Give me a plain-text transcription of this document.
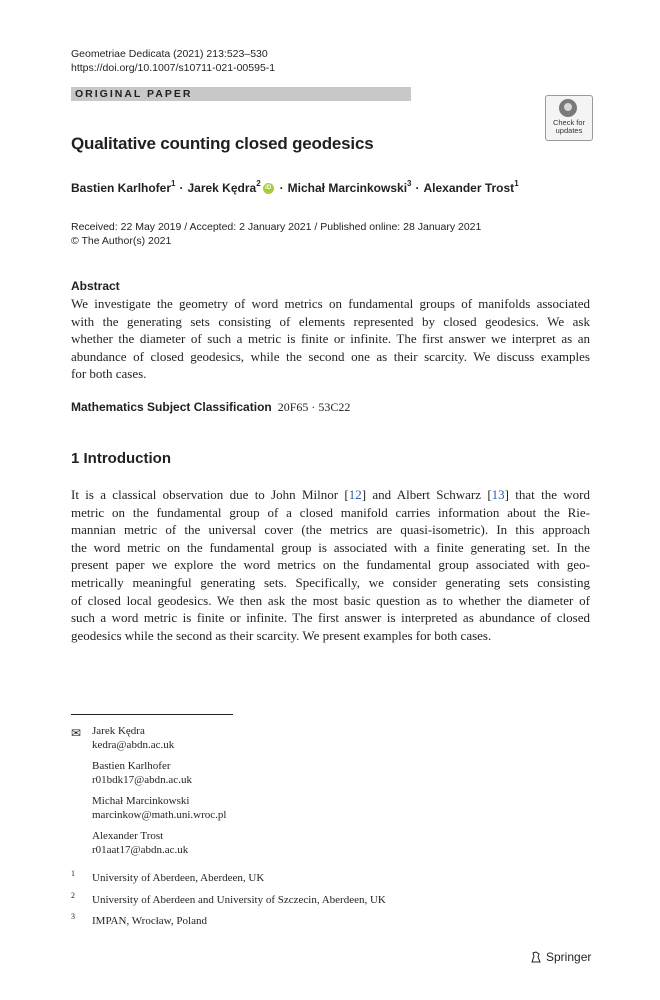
Geometriae Dedicata (2021) 213:523–530
https://doi.org/10.1007/s10711-021-00595-1
ORIGINAL PAPER
Check for
updates
Qualitative counting closed geodesics
Bastien Karlhofer$^1$ · Jarek Kędra$^2$ iD · Michał Marcinkowski$^3$ · Alexander Trost$^1$
Received: 22 May 2019 / Accepted: 2 January 2021 / Published online: 28 January 2021
© The Author(s) 2021
Abstract
We investigate the geometry of word metrics on fundamental groups of manifolds associated
with the generating sets consisting of elements represented by closed geodesics. We ask
whether the diameter of such a metric is finite or infinite. The first answer we interpret as an
abundance of closed geodesics, while the second one as their scarcity. We discuss examples
for both cases.
Mathematics Subject Classification 20F65 · 53C22
1 Introduction
It is a classical observation due to John Milnor [12] and Albert Schwarz [13] that the word
metric on the fundamental group of a closed manifold carries information about the Rie-
mannian metric of the universal cover (the metrics are quasi-isometric). In this approach
the word metric on the fundamental group is associated with a finite generating set. In the
present paper we explore the word metrics on the fundamental group associated with geo-
metrically meaningful generating sets. Specifically, we consider generating sets consisting
of closed local geodesics. We then ask the most basic question as to whether the diameter of
such a word metric is finite or infinite. The first answer is interpreted as abundance of closed
geodesics while the second as their scarcity. We present examples for both cases.
✉ Jarek Kędra
kedra@abdn.ac.uk
Bastien Karlhofer
r01bdk17@abdn.ac.uk
Michał Marcinkowski
marcinkow@math.uni.wroc.pl
Alexander Trost
r01aat17@abdn.ac.uk
1 University of Aberdeen, Aberdeen, UK
2 University of Aberdeen and University of Szczecin, Aberdeen, UK
3 IMPAN, Wrocław, Poland
Springer
